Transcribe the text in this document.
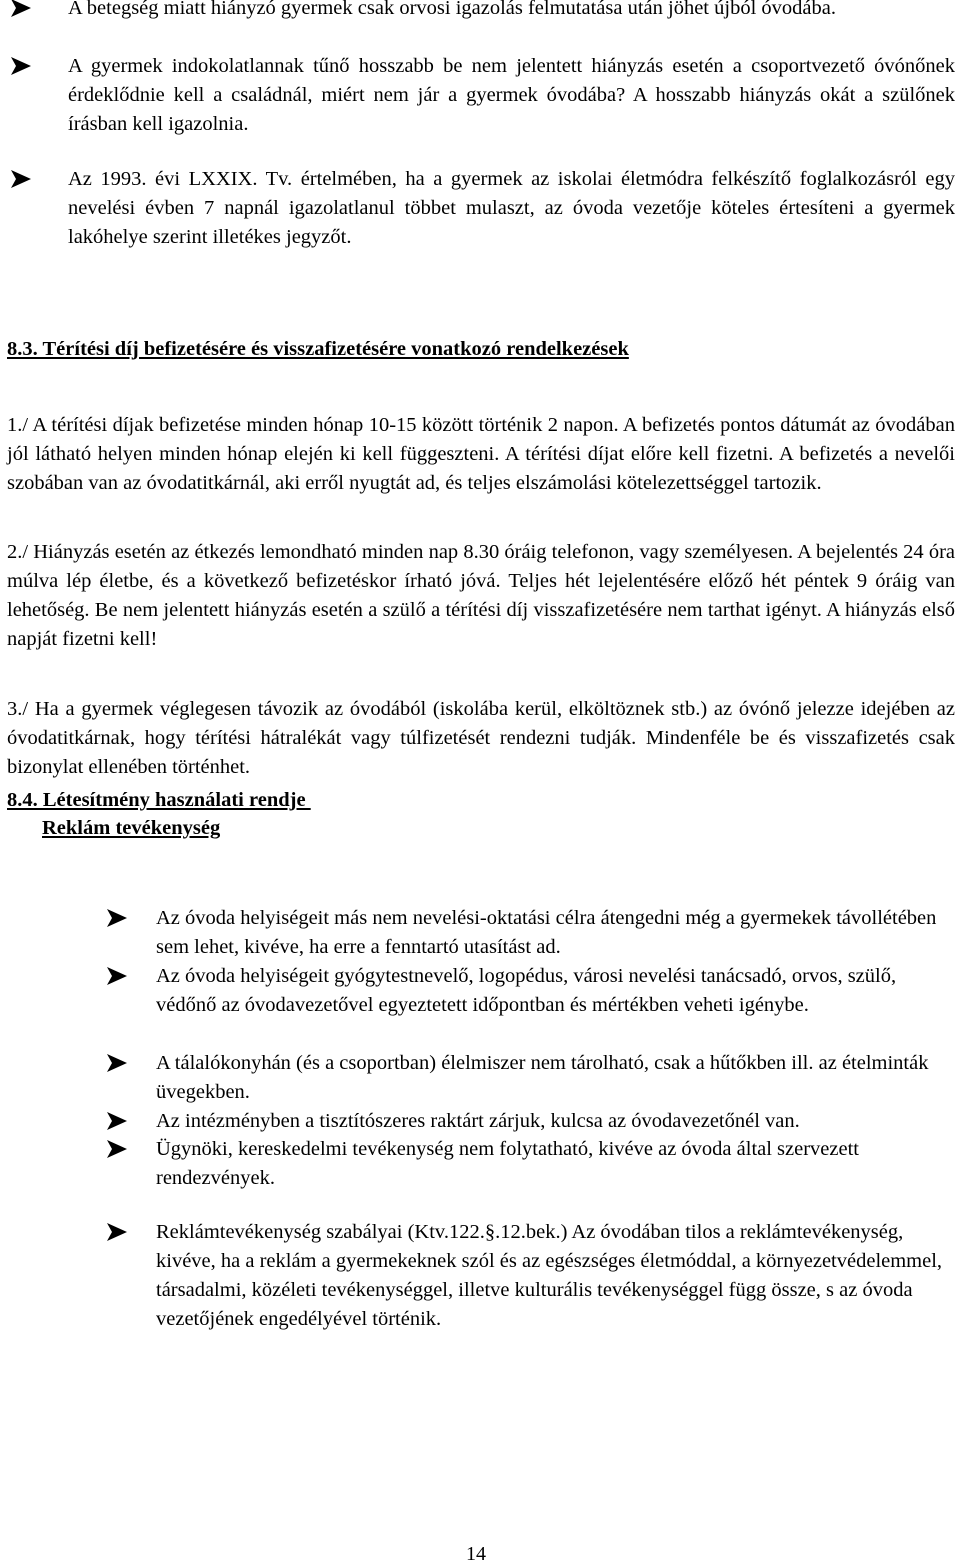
A betegség miatt hiányzó gyermek csak orvosi igazolás felmutatása után jöhet újból óvodába.
A gyermek indokolatlannak tűnő hosszabb be nem jelentett hiányzás esetén a csoportvezető óvónőnek érdeklődnie kell a családnál, miért nem jár a gyermek óvodába? A hosszabb hiányzás okát a szülőnek írásban kell igazolnia.
Az 1993. évi LXXIX. Tv. értelmében, ha a gyermek az iskolai életmódra felkészítő foglalkozásról egy nevelési évben 7 napnál igazolatlanul többet mulaszt, az óvoda vezetője köteles értesíteni a gyermek lakóhelye szerint illetékes jegyzőt.
8.3. Térítési díj befizetésére és visszafizetésére vonatkozó rendelkezések

1./ A térítési díjak befizetése minden hónap 10-15 között történik 2 napon. A befizetés pontos dátumát az óvodában jól látható helyen minden hónap elején ki kell függeszteni. A térítési díjat előre kell fizetni. A befizetés a nevelői szobában van az óvodatitkárnál, aki erről nyugtát ad, és teljes elszámolási kötelezettséggel tartozik.

2./ Hiányzás esetén az étkezés lemondható minden nap 8.30 óráig telefonon, vagy személyesen. A bejelentés 24 óra múlva lép életbe, és a következő befizetéskor írható jóvá. Teljes hét lejelentésére előző hét péntek 9 óráig van lehetőség. Be nem jelentett hiányzás esetén a szülő a térítési díj visszafizetésére nem tarthat igényt. A hiányzás első napját fizetni kell!

3./ Ha a gyermek véglegesen távozik az óvodából (iskolába kerül, elköltöznek stb.) az óvónő jelezze idejében az óvodatitkárnak, hogy térítési hátralékát vagy túlfizetését rendezni tudják. Mindenféle be és visszafizetés csak bizonylat ellenében történhet.

8.4. Létesítmény használati rendje
Reklám tevékenység
Az óvoda helyiségeit más nem nevelési-oktatási célra átengedni még a gyermekek távollétében sem lehet, kivéve, ha erre a fenntartó utasítást ad.
Az óvoda helyiségeit gyógytestnevelő, logopédus, városi nevelési tanácsadó, orvos, szülő, védőnő az óvodavezetővel egyeztetett időpontban és mértékben veheti igénybe.
A tálalókonyhán (és a csoportban) élelmiszer nem tárolható, csak a hűtőkben ill. az ételminták üvegekben.
Az intézményben a tisztítószeres raktárt zárjuk, kulcsa az óvodavezetőnél van.
Ügynöki, kereskedelmi tevékenység nem folytatható, kivéve az óvoda által szervezett rendezvények.
Reklámtevékenység szabályai (Ktv.122.§.12.bek.) Az óvodában tilos a reklámtevékenység, kivéve, ha a reklám a gyermekeknek szól és az egészséges életmóddal, a környezetvédelemmel, társadalmi, közéleti tevékenységgel, illetve kulturális tevékenységgel függ össze, s az óvoda vezetőjének engedélyével történik.
14
